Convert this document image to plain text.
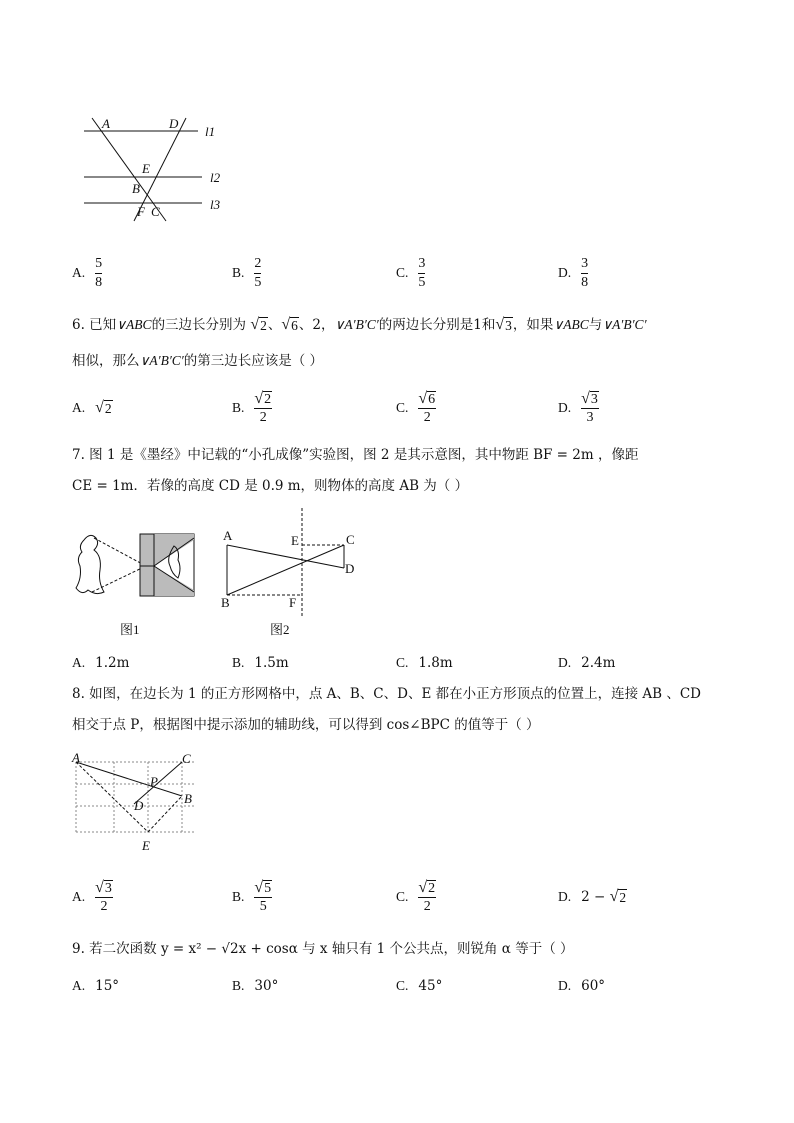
A	D
E
B
F C
l1
l2
l3
A. $\frac{5}{8}$	B. $\frac{2}{5}$	C. $\frac{3}{5}$	D. $\frac{3}{8}$
6. 已知∨ABC的三边长分别为 √ 2 、 √ 6 、2，∨A′B′C′的两边长分别是1和 √ 3 ，如果∨ABC与∨A′B′C′
相似，那么∨A′B′C′的第三边长应该是（ ）
A. √ 2	B. $\frac{√ 2}{2}$	C. $\frac{√ 6}{2}$	D. $\frac{√ 3}{3}$
7. 图 1 是《墨经》中记载的“小孔成像”实验图，图 2 是其示意图，其中物距 BF = 2m ，像距
CE = 1m．若像的高度 CD 是 0.9 m，则物体的高度 AB 为（ ）
图1
A
B
C
D
E
F
图2
A. 1.2m	B. 1.5m	C. 1.8m	D. 2.4m
8. 如图，在边长为 1 的正方形网格中，点 A、B、C、D、E 都在小正方形顶点的位置上，连接 AB 、CD
相交于点 P，根据图中提示添加的辅助线，可以得到 cos∠BPC 的值等于（ ）
A	C
P
D	B
E
A. $\frac{√ 3}{2}$	B. $\frac{√ 5}{5}$	C. $\frac{√ 2}{2}$	D. 2 − √ 2
9. 若二次函数 y = x² − √2x + cosα 与 x 轴只有 1 个公共点，则锐角 α 等于（ ）
A. 15°	B. 30°	C. 45°	D. 60°
